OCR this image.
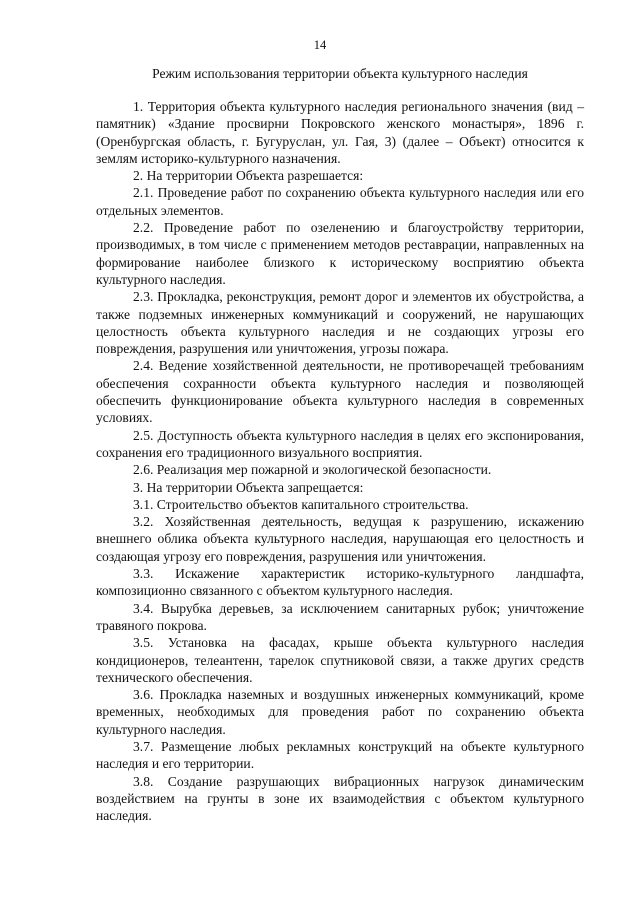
14
Режим использования территории объекта культурного наследия

1. Территория объекта культурного наследия регионального значения (вид – памятник) «Здание просвирни Покровского женского монастыря», 1896 г. (Оренбургская область, г. Бугуруслан, ул. Гая, 3) (далее – Объект) относится к землям историко-культурного назначения.

2. На территории Объекта разрешается:

2.1. Проведение работ по сохранению объекта культурного наследия или его отдельных элементов.

2.2. Проведение работ по озеленению и благоустройству территории, производимых, в том числе с применением методов реставрации, направленных на формирование наиболее близкого к историческому восприятию объекта культурного наследия.

2.3. Прокладка, реконструкция, ремонт дорог и элементов их обустройства, а также подземных инженерных коммуникаций и сооружений, не нарушающих целостность объекта культурного наследия и не создающих угрозы его повреждения, разрушения или уничтожения, угрозы пожара.

2.4. Ведение хозяйственной деятельности, не противоречащей требованиям обеспечения сохранности объекта культурного наследия и позволяющей обеспечить функционирование объекта культурного наследия в современных условиях.

2.5. Доступность объекта культурного наследия в целях его экспонирования, сохранения его традиционного визуального восприятия.

2.6. Реализация мер пожарной и экологической безопасности.

3. На территории Объекта запрещается:

3.1. Строительство объектов капитального строительства.

3.2. Хозяйственная деятельность, ведущая к разрушению, искажению внешнего облика объекта культурного наследия, нарушающая его целостность и создающая угрозу его повреждения, разрушения или уничтожения.

3.3. Искажение характеристик историко-культурного ландшафта, композиционно связанного с объектом культурного наследия.

3.4. Вырубка деревьев, за исключением санитарных рубок; уничтожение травяного покрова.

3.5. Установка на фасадах, крыше объекта культурного наследия кондиционеров, телеантенн, тарелок спутниковой связи, а также других средств технического обеспечения.

3.6. Прокладка наземных и воздушных инженерных коммуникаций, кроме временных, необходимых для проведения работ по сохранению объекта культурного наследия.

3.7. Размещение любых рекламных конструкций на объекте культурного наследия и его территории.

3.8. Создание разрушающих вибрационных нагрузок динамическим воздействием на грунты в зоне их взаимодействия с объектом культурного наследия.
